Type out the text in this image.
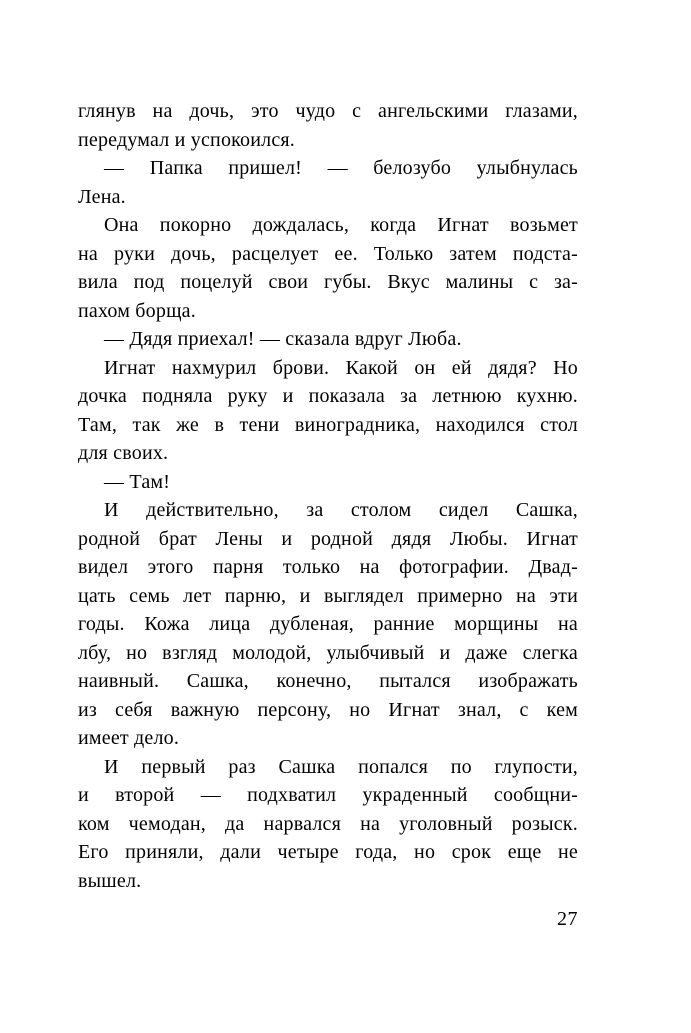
глянув на дочь, это чудо с ангельскими глазами,
передумал и успокоился.
— Папка пришел! — белозубо улыбнулась
Лена.
Она покорно дождалась, когда Игнат возьмет
на руки дочь, расцелует ее. Только затем подста-
вила под поцелуй свои губы. Вкус малины с за-
пахом борща.
— Дядя приехал! — сказала вдруг Люба.
Игнат нахмурил брови. Какой он ей дядя? Но
дочка подняла руку и показала за летнюю кухню.
Там, так же в тени виноградника, находился стол
для своих.
— Там!
И действительно, за столом сидел Сашка,
родной брат Лены и родной дядя Любы. Игнат
видел этого парня только на фотографии. Двад-
цать семь лет парню, и выглядел примерно на эти
годы. Кожа лица дубленая, ранние морщины на
лбу, но взгляд молодой, улыбчивый и даже слегка
наивный. Сашка, конечно, пытался изображать
из себя важную персону, но Игнат знал, с кем
имеет дело.
И первый раз Сашка попался по глупости,
и второй — подхватил украденный сообщни-
ком чемодан, да нарвался на уголовный розыск.
Его приняли, дали четыре года, но срок еще не
вышел.
27
